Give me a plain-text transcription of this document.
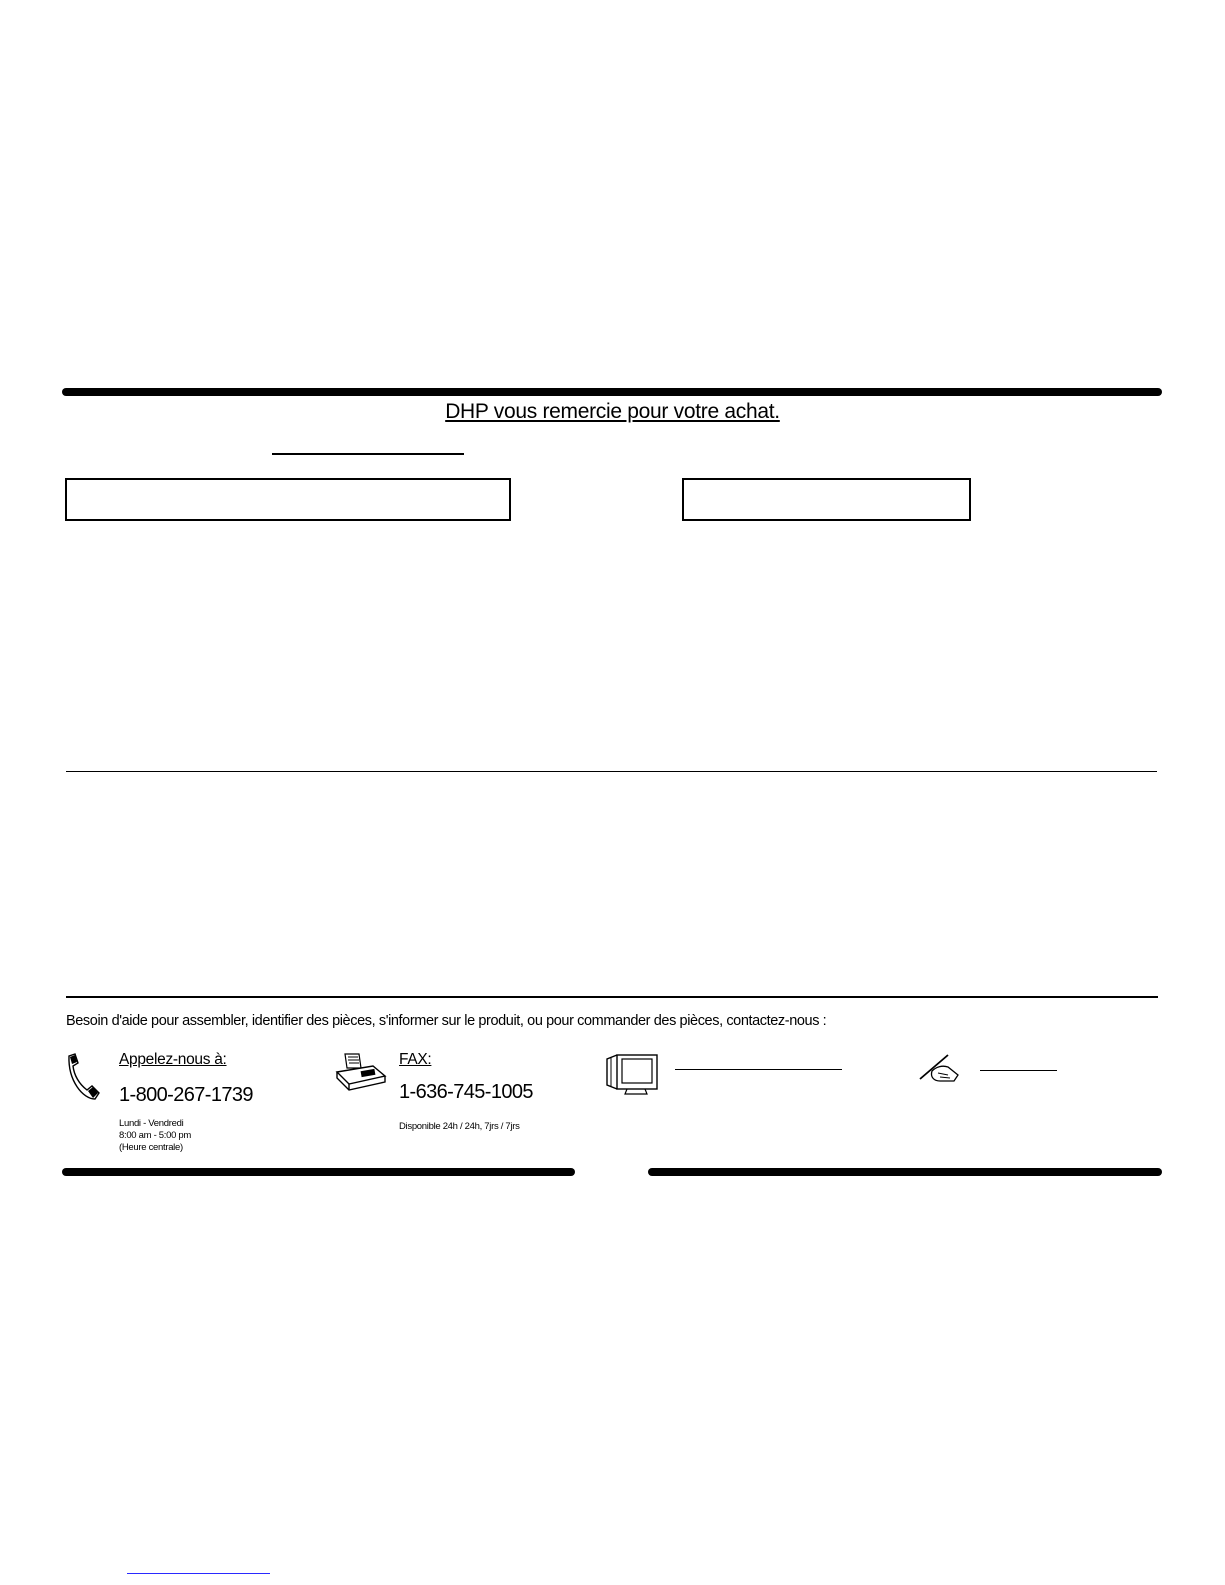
DHP vous remercie pour votre achat.
Besoin d'aide pour assembler, identifier des pièces, s'informer sur le produit, ou pour commander des pièces, contactez-nous :
Appelez-nous à:
1-800-267-1739
Lundi - Vendredi
8:00 am - 5:00 pm
(Heure centrale)
FAX:
1-636-745-1005
Disponible 24h / 24h, 7jrs / 7jrs
